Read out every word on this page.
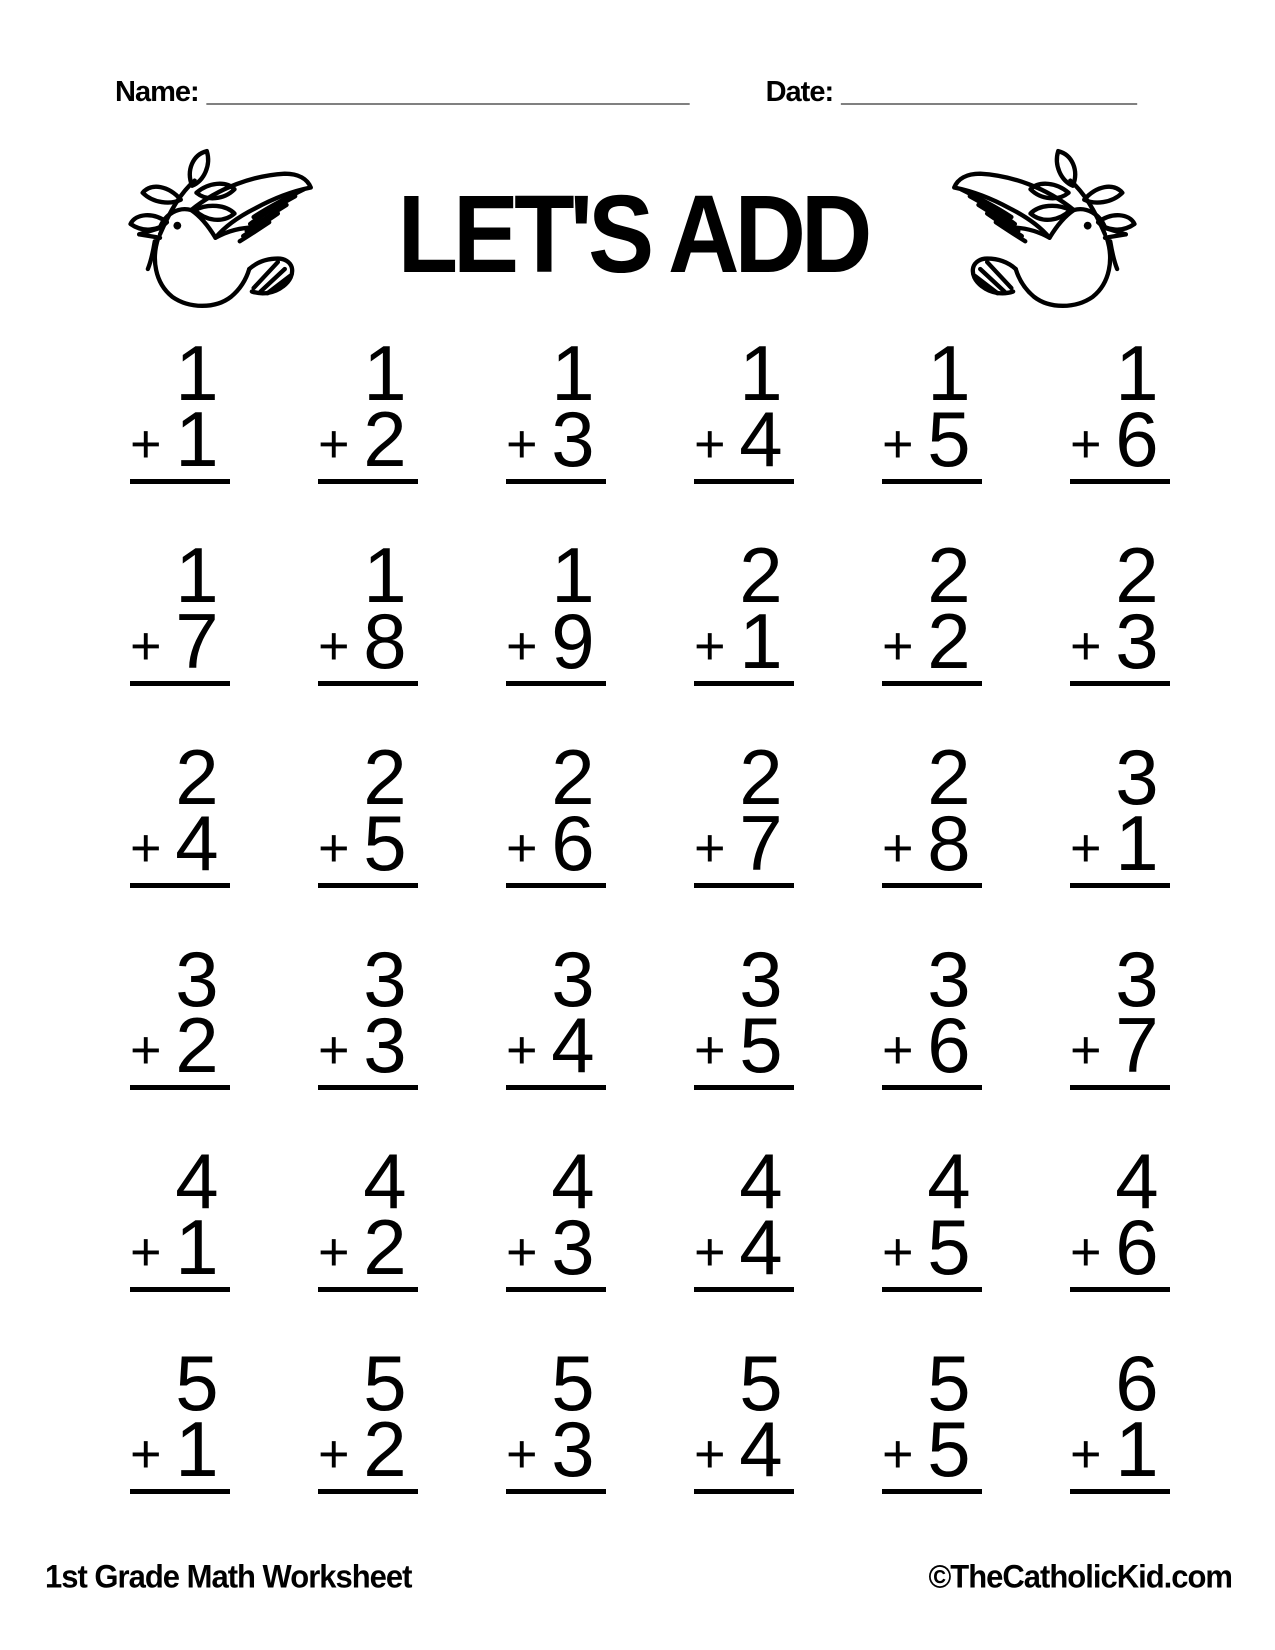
Name: _______________________________	Date: ___________________
LET'S ADD
1
+ 1
1
+ 2
1
+ 3
1
+ 4
1
+ 5
1
+ 6
1
+ 7
1
+ 8
1
+ 9
2
+ 1
2
+ 2
2
+ 3
2
+ 4
2
+ 5
2
+ 6
2
+ 7
2
+ 8
3
+ 1
3
+ 2
3
+ 3
3
+ 4
3
+ 5
3
+ 6
3
+ 7
4
+ 1
4
+ 2
4
+ 3
4
+ 4
4
+ 5
4
+ 6
5
+ 1
5
+ 2
5
+ 3
5
+ 4
5
+ 5
6
+ 1
1st Grade Math Worksheet	©TheCatholicKid.com
